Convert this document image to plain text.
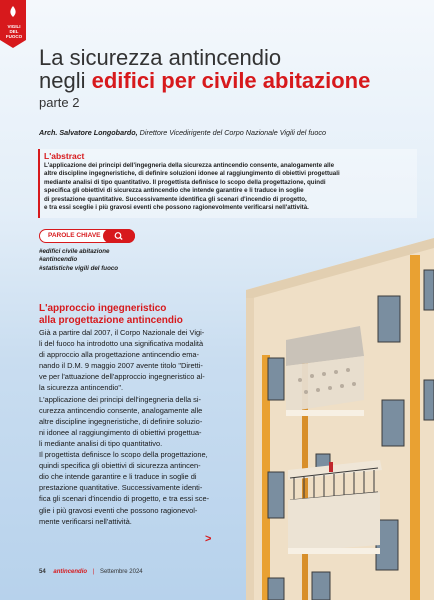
VIGILI DEL FUOCO
La sicurezza antincendio
negli edifici per civile abitazione
parte 2
Arch. Salvatore Longobardo, Direttore Vicedirigente del Corpo Nazionale Vigili del fuoco
L'abstract
L'applicazione dei principi dell'ingegneria della sicurezza antincendio consente, analogamente alle
altre discipline ingegneristiche, di definire soluzioni idonee al raggiungimento di obiettivi progettuali
mediante analisi di tipo quantitativo. Il progettista definisce lo scopo della progettazione, quindi
specifica gli obiettivi di sicurezza antincendio che intende garantire e li traduce in soglie
di prestazione quantitative. Successivamente identifica gli scenari d'incendio di progetto,
e tra essi sceglie i più gravosi eventi che possono ragionevolmente verificarsi nell'attività.
PAROLE CHIAVE
#edifici civile abitazione
#antincendio
#statistiche vigili del fuoco
L'approccio ingegneristico
alla progettazione antincendio

Già a partire dal 2007, il Corpo Nazionale dei Vigi-

li del fuoco ha introdotto una significativa modalità

di approccio alla progettazione antincendio ema-

nando il D.M. 9 maggio 2007 avente titolo "Diretti-

ve per l'attuazione dell'approccio ingegneristico al-

la sicurezza antincendio".

L'applicazione dei principi dell'ingegneria della si-

curezza antincendio consente, analogamente alle

altre discipline ingegneristiche, di definire soluzio-

ni idonee al raggiungimento di obiettivi progettua-

li mediante analisi di tipo quantitativo.

Il progettista definisce lo scopo della progettazione,

quindi specifica gli obiettivi di sicurezza antincen-

dio che intende garantire e li traduce in soglie di

prestazione quantitative. Successivamente identi-

fica gli scenari d'incendio di progetto, e tra essi sce-

glie i più gravosi eventi che possono ragionevol-

mente verificarsi nell'attività.

>
54 antincendio | Settembre 2024
